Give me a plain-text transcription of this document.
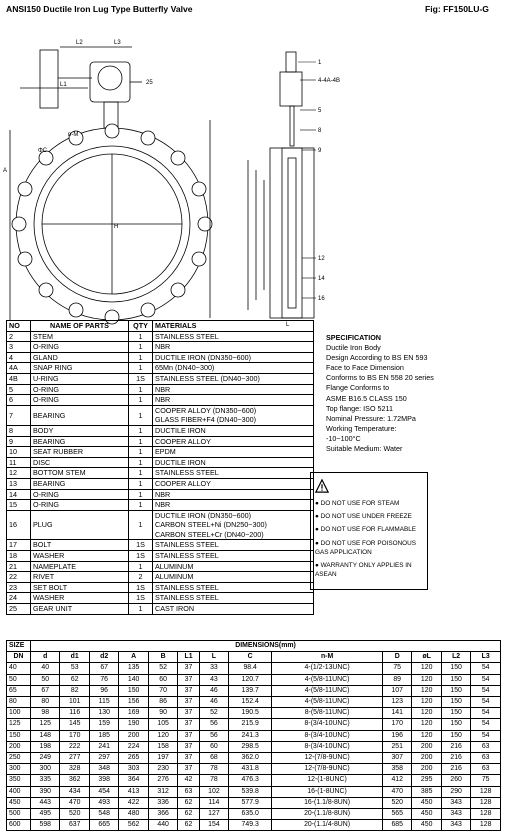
ANSI150 Ductile Iron Lug Type Butterfly Valve	Fig: FF150LU-G
L2	L3
L1	25
n-M
ΦC
A
H
1
4-4A-4B
5
8
9
12
14
16
L
NO	NAME OF PARTS	QTY	MATERIALS
2	STEM	1	STAINLESS STEEL

3	O-RING	1	NBR

4	GLAND	1	DUCTILE IRON (DN350~600)

4A	SNAP RING	1	65Mn (DN40~300)

4B	U-RING	1S	STAINLESS STEEL (DN40~300)

5	O-RING	1	NBR

6	O-RING	1	NBR

7	BEARING	1	COOPER ALLOY (DN350~600)
GLASS FIBER+F4 (DN40~300)

8	BODY	1	DUCTILE IRON

9	BEARING	1	COOPER ALLOY

10	SEAT RUBBER	1	EPDM

11	DISC	1	DUCTILE IRON

12	BOTTOM STEM	1	STAINLESS STEEL

13	BEARING	1	COOPER ALLOY

14	O-RING	1	NBR

15	O-RING	1	NBR

16	PLUG	1	DUCTILE IRON (DN350~600)
CARBON STEEL+Ni (DN250~300)
CARBON STEEL+Cr (DN40~200)

17	BOLT	1S	STAINLESS STEEL

18	WASHER	1S	STAINLESS STEEL

21	NAMEPLATE	1	ALUMINUM

22	RIVET	2	ALUMINUM

23	SET BOLT	1S	STAINLESS STEEL

24	WASHER	1S	STAINLESS STEEL

25	GEAR UNIT	1	CAST IRON
SPECIFICATION
Ductile Iron Body
Design According to BS EN 593
Face to Face Dimension
Conforms to BS EN 558 20 series
Flange Conforms to
ASME B16.5 CLASS 150
Top flange: ISO 5211
Nominal Pressure: 1.72MPa
Working Temperature:
-10~100°C
Suitable Medium: Water
● DO NOT USE FOR STEAM
● DO NOT USE UNDER FREEZE
● DO NOT USE FOR FLAMMABLE
● DO NOT USE FOR POISONOUS GAS APPLICATION
● WARRANTY ONLY APPLIES IN ASEAN
SIZE	DIMENSIONS(mm)												
DN	d	d1	d2	A	B	L1	L	C	n-M	D	øL	L2	L3
40	40	53	67	135	52	37	33	98.4	4-(1/2-13UNC)	75	120	150	54
50	50	62	76	140	60	37	43	120.7	4-(5/8-11UNC)	89	120	150	54
65	67	82	96	150	70	37	46	139.7	4-(5/8-11UNC)	107	120	150	54
80	80	101	115	156	86	37	46	152.4	4-(5/8-11UNC)	123	120	150	54
100	98	116	130	169	90	37	52	190.5	8-(5/8-11UNC)	141	120	150	54
125	125	145	159	190	105	37	56	215.9	8-(3/4-10UNC)	170	120	150	54
150	148	170	185	200	120	37	56	241.3	8-(3/4-10UNC)	196	120	150	54
200	198	222	241	224	158	37	60	298.5	8-(3/4-10UNC)	251	200	216	63
250	249	277	297	265	197	37	68	362.0	12-(7/8-9UNC)	307	200	216	63
300	300	328	348	303	230	37	78	431.8	12-(7/8-9UNC)	358	200	216	63
350	335	362	398	364	276	42	78	476.3	12-(1-8UNC)	412	295	260	75
400	390	434	454	413	312	63	102	539.8	16-(1-8UNC)	470	385	290	128
450	443	470	493	422	336	62	114	577.9	16-(1.1/8-8UN)	520	450	343	128
500	495	520	548	480	366	62	127	635.0	20-(1.1/8-8UN)	565	450	343	128
600	598	637	665	562	440	62	154	749.3	20-(1.1/4-8UN)	685	450	343	128
